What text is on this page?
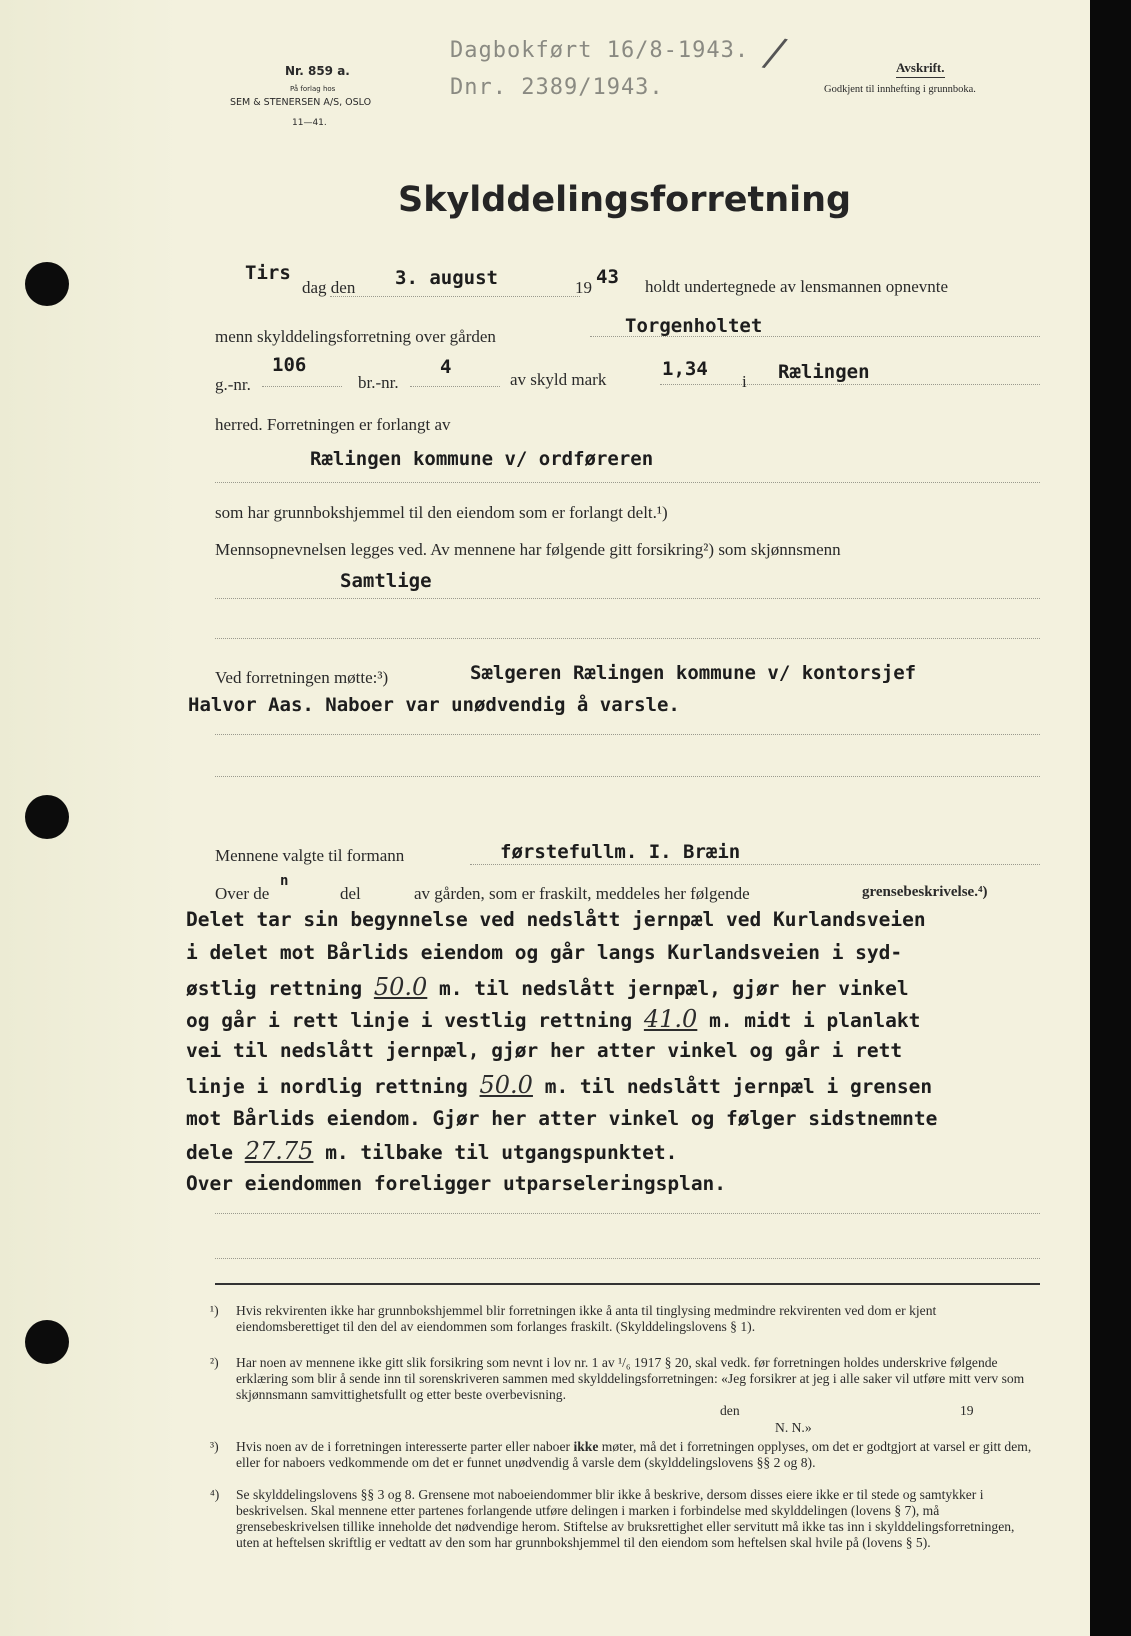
Nr. 859 a.
På forlag hos
SEM & STENERSEN A/S, OSLO
11—41.
Dagbokført 16/8-1943.
Dnr. 2389/1943.
/	Avskrift.
Godkjent til innhefting i grunnboka.
Skylddelingsforretning
Tirs
dag den 3. august	19 43 holdt undertegnede av lensmannen opnevnte
menn skylddelingsforretning over gården	Torgenholtet
g.-nr.
106
br.-nr.
4
av skyld mark	1,34
i Rælingen
herred. Forretningen er forlangt av
Rælingen kommune v/ ordføreren
som har grunnbokshjemmel til den eiendom som er forlangt delt.¹)
Mennsopnevnelsen legges ved. Av mennene har følgende gitt forsikring²) som skjønnsmenn
Samtlige
Ved forretningen møtte:³)	Sælgeren Rælingen kommune v/ kontorsjef
Halvor Aas. Naboer var unødvendig å varsle.
Mennene valgte til formann	førstefullm. I. Bræin
Over de
n
del	av gården, som er fraskilt, meddeles her følgende	grensebeskrivelse.⁴)
Delet tar sin begynnelse ved nedslått jernpæl ved Kurlandsveien
i delet mot Bårlids eiendom og går langs Kurlandsveien i syd-
østlig rettning 50.0 m. til nedslått jernpæl, gjør her vinkel
og går i rett linje i vestlig rettning 41.0 m. midt i planlakt
vei til nedslått jernpæl, gjør her atter vinkel og går i rett
linje i nordlig rettning 50.0 m. til nedslått jernpæl i grensen
mot Bårlids eiendom. Gjør her atter vinkel og følger sidstnemnte
dele 27.75 m. tilbake til utgangspunktet.
Over eiendommen foreligger utparseleringsplan.
¹) Hvis rekvirenten ikke har grunnbokshjemmel blir forretningen ikke å anta til tinglysing medmindre rekvirenten ved dom er kjent eiendomsberettiget til den del av eiendommen som forlanges fraskilt. (Skylddelingslovens § 1).

²) Har noen av mennene ikke gitt slik forsikring som nevnt i lov nr. 1 av ¹/₆ 1917 § 20, skal vedk. før forretningen holdes underskrive følgende erklæring som blir å sende inn til sorenskriveren sammen med skylddelingsforretningen: «Jeg forsikrer at jeg i alle saker vil utføre mitt verv som skjønnsmann samvittighetsfullt og etter beste overbevisning.

den	19
N. N.»
³) Hvis noen av de i forretningen interesserte parter eller naboer ikke møter, må det i forretningen opplyses, om det er godtgjort at varsel er gitt dem, eller for naboers vedkommende om det er funnet unødvendig å varsle dem (skylddelingslovens §§ 2 og 8).

⁴) Se skylddelingslovens §§ 3 og 8. Grensene mot naboeiendommer blir ikke å beskrive, dersom disses eiere ikke er til stede og samtykker i beskrivelsen. Skal mennene etter partenes forlangende utføre delingen i marken i forbindelse med skylddelingen (lovens § 7), må grensebeskrivelsen tillike inneholde det nødvendige herom. Stiftelse av bruksrettighet eller servitutt må ikke tas inn i skylddelingsforretningen, uten at heftelsen skriftlig er vedtatt av den som har grunnbokshjemmel til den eiendom som heftelsen skal hvile på (lovens § 5).
